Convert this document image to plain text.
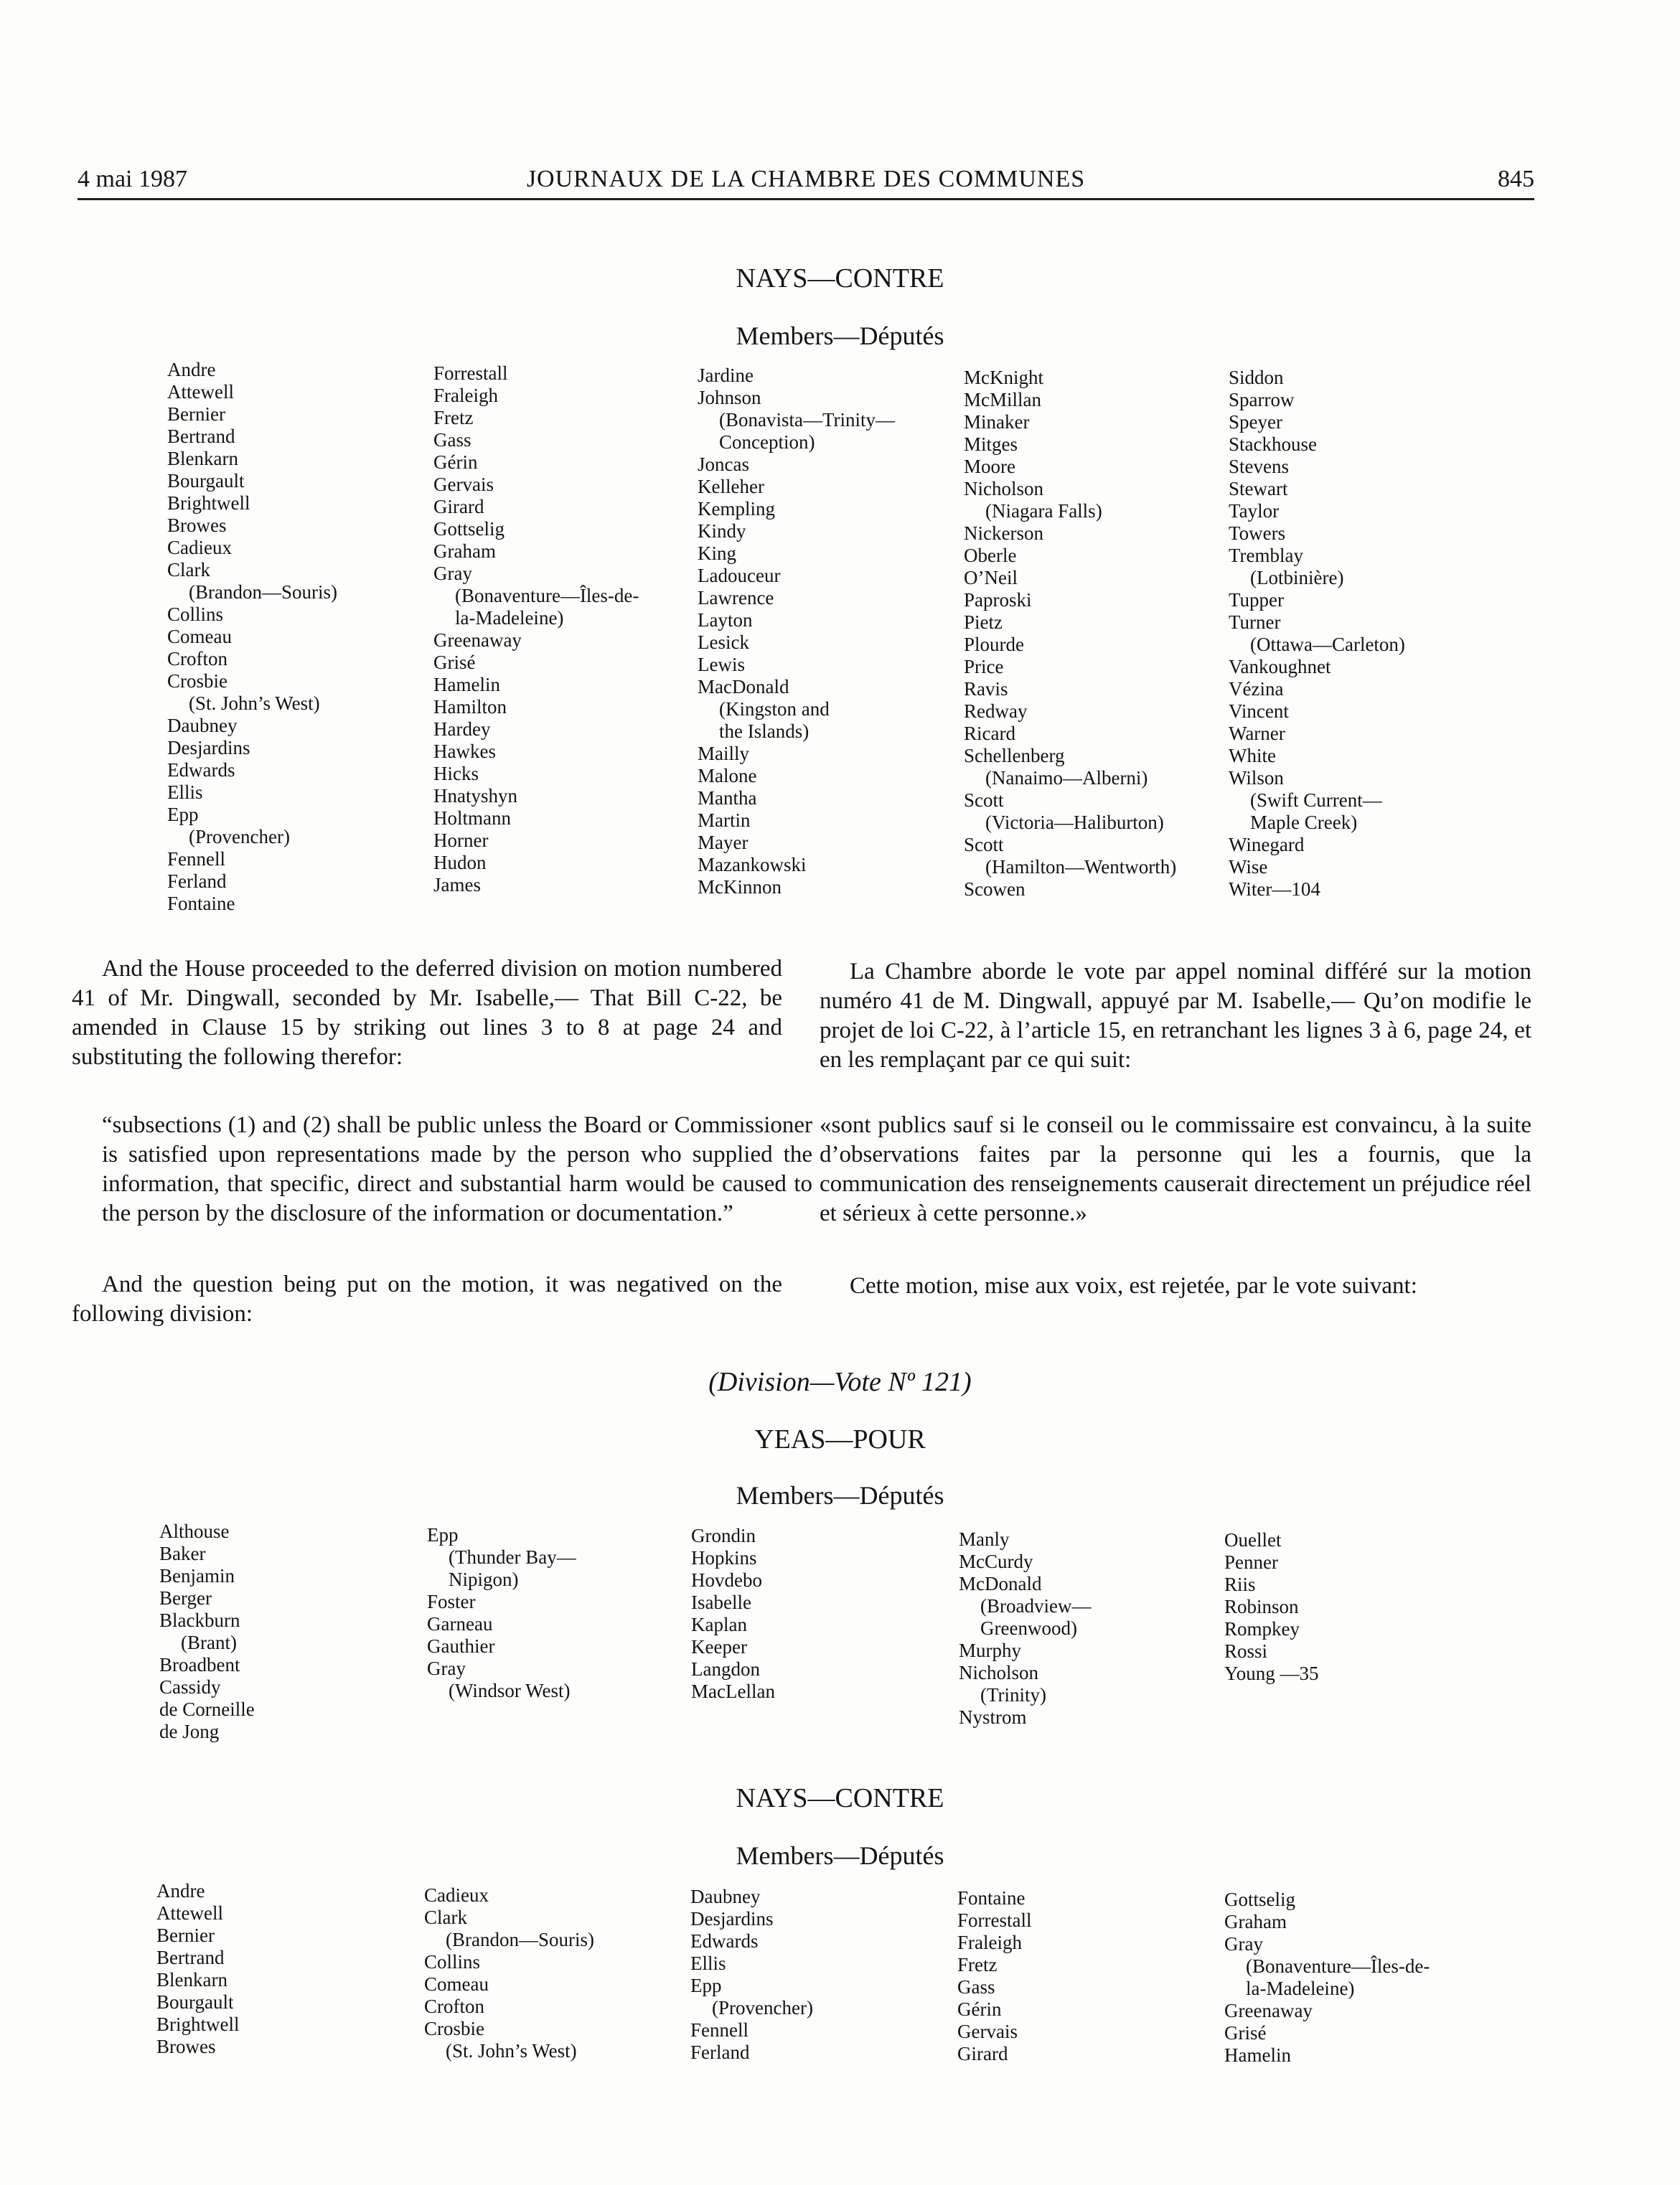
4 mai 1987	JOURNAUX DE LA CHAMBRE DES COMMUNES	845
NAYS—CONTRE
Members—Députés
Andre
Attewell
Bernier
Bertrand
Blenkarn
Bourgault
Brightwell
Browes
Cadieux
Clark
(Brandon—Souris)
Collins
Comeau
Crofton
Crosbie
(St. John’s West)
Daubney
Desjardins
Edwards
Ellis
Epp
(Provencher)
Fennell
Ferland
Fontaine
Forrestall
Fraleigh
Fretz
Gass
Gérin
Gervais
Girard
Gottselig
Graham
Gray
(Bonaventure—Îles-de-
la-Madeleine)
Greenaway
Grisé
Hamelin
Hamilton
Hardey
Hawkes
Hicks
Hnatyshyn
Holtmann
Horner
Hudon
James
Jardine
Johnson
(Bonavista—Trinity—
Conception)
Joncas
Kelleher
Kempling
Kindy
King
Ladouceur
Lawrence
Layton
Lesick
Lewis
MacDonald
(Kingston and
the Islands)
Mailly
Malone
Mantha
Martin
Mayer
Mazankowski
McKinnon
McKnight
McMillan
Minaker
Mitges
Moore
Nicholson
(Niagara Falls)
Nickerson
Oberle
O’Neil
Paproski
Pietz
Plourde
Price
Ravis
Redway
Ricard
Schellenberg
(Nanaimo—Alberni)
Scott
(Victoria—Haliburton)
Scott
(Hamilton—Wentworth)
Scowen
Siddon
Sparrow
Speyer
Stackhouse
Stevens
Stewart
Taylor
Towers
Tremblay
(Lotbinière)
Tupper
Turner
(Ottawa—Carleton)
Vankoughnet
Vézina
Vincent
Warner
White
Wilson
(Swift Current—
Maple Creek)
Winegard
Wise
Witer—104

And the House proceeded to the deferred division on motion numbered 41 of Mr. Dingwall, seconded by Mr. Isabelle,— That Bill C-22, be amended in Clause 15 by striking out lines 3 to 8 at page 24 and substituting the following therefor:

“subsections (1) and (2) shall be public unless the Board or Commissioner is satisfied upon representations made by the person who supplied the information, that specific, direct and substantial harm would be caused to the person by the disclosure of the information or documentation.”

And the question being put on the motion, it was negatived on the following division:

La Chambre aborde le vote par appel nominal différé sur la motion numéro 41 de M. Dingwall, appuyé par M. Isabelle,— Qu’on modifie le projet de loi C-22, à l’article 15, en retranchant les lignes 3 à 6, page 24, et en les remplaçant par ce qui suit:

«sont publics sauf si le conseil ou le commissaire est convaincu, à la suite d’observations faites par la personne qui les a fournis, que la communication des renseignements causerait directement un préjudice réel et sérieux à cette personne.»

Cette motion, mise aux voix, est rejetée, par le vote suivant:

(Division—Vote Nº 121)
YEAS—POUR
Members—Députés
Althouse
Baker
Benjamin
Berger
Blackburn
(Brant)
Broadbent
Cassidy
de Corneille
de Jong
Epp
(Thunder Bay—
Nipigon)
Foster
Garneau
Gauthier
Gray
(Windsor West)
Grondin
Hopkins
Hovdebo
Isabelle
Kaplan
Keeper
Langdon
MacLellan
Manly
McCurdy
McDonald
(Broadview—
Greenwood)
Murphy
Nicholson
(Trinity)
Nystrom
Ouellet
Penner
Riis
Robinson
Rompkey
Rossi
Young —35
NAYS—CONTRE
Members—Députés
Andre
Attewell
Bernier
Bertrand
Blenkarn
Bourgault
Brightwell
Browes
Cadieux
Clark
(Brandon—Souris)
Collins
Comeau
Crofton
Crosbie
(St. John’s West)
Daubney
Desjardins
Edwards
Ellis
Epp
(Provencher)
Fennell
Ferland
Fontaine
Forrestall
Fraleigh
Fretz
Gass
Gérin
Gervais
Girard
Gottselig
Graham
Gray
(Bonaventure—Îles-de-
la-Madeleine)
Greenaway
Grisé
Hamelin
